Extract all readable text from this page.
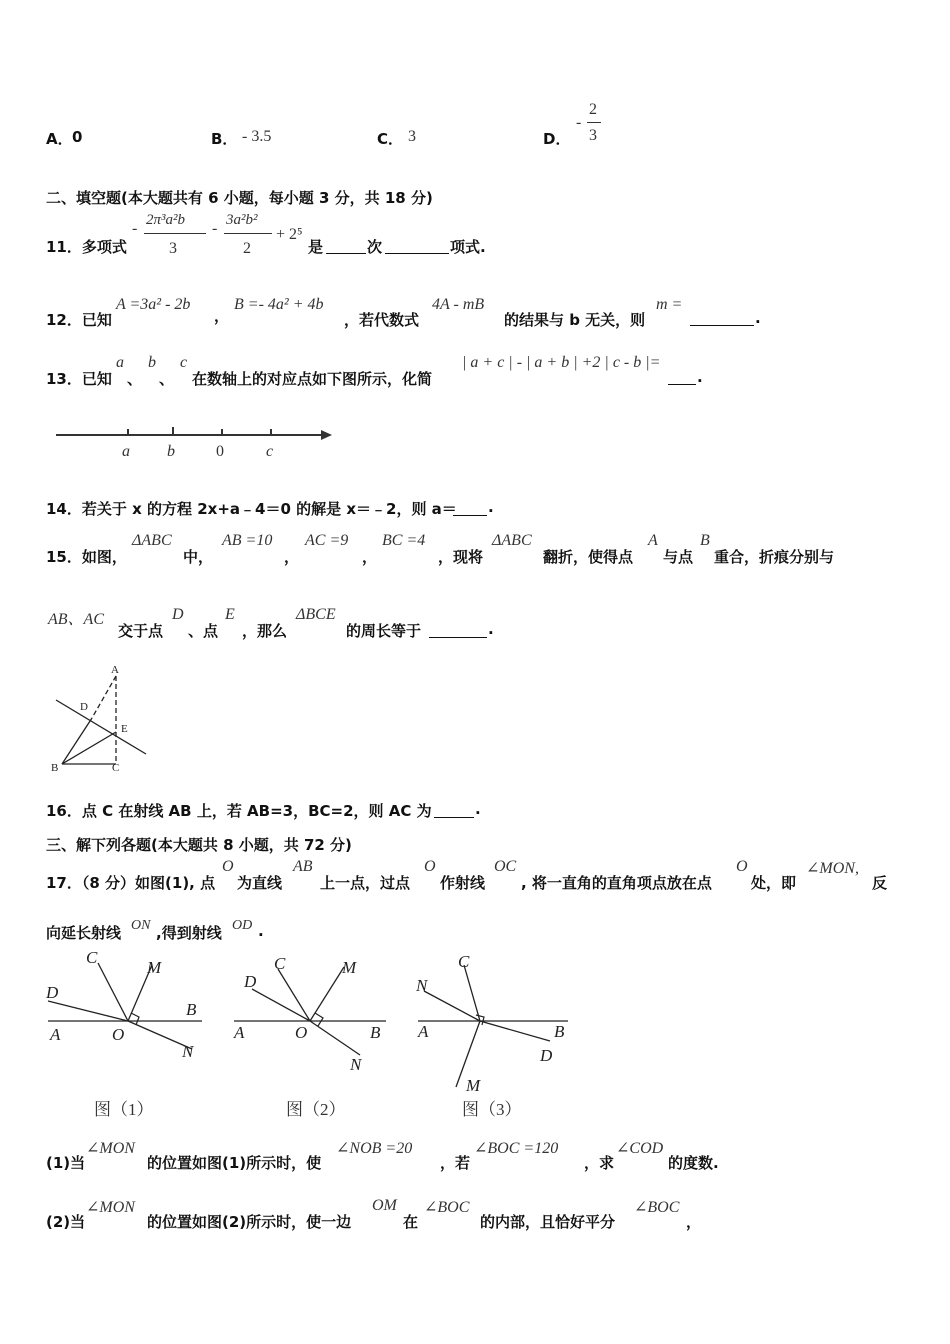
A． 0	B． - 3.5	C． 3	D．
-
2
3
二、填空题(本大题共有 6 小题，每小题 3 分，共 18 分)
11．多项式
- 2π³a²b
3
- 3a²b²
2
+ 2⁵
是	次	项式.
12．已知
A =3a² - 2b
，
B =- 4a² + 4b
，若代数式
4A - mB
的结果与 b 无关，则
m =
.
13．已知
a
、
b
、
c
在数轴上的对应点如下图所示，化简
| a + c | - | a + b | +2 | c - b |=
.
a b	0	c
14．若关于 x 的方程 2x+a﹣4＝0 的解是 x＝﹣2，则 a＝ .
15．如图，
ΔABC
中，
AB =10
，
AC =9
，
BC =4
，现将
ΔABC
翻折，使得点
A
与点
B
重合，折痕分别与
AB、AC
交于点
D
、点
E
，那么
ΔBCE
的周长等于	.
A
D
E
B	C
16．点 C 在射线 AB 上，若 AB=3，BC=2，则 AC 为	.
三、解下列各题(本大题共 8 小题，共 72 分)
17．（8 分）如图(1), 点
O
为直线
AB
上一点，过点
O
作射线
OC
, 将一直角的直角项点放在点
O
处，即
∠MON,
反
向延长射线 ON ,得到射线 OD .
C
M
D
B
A	O
N
图（1）
C	M
D
B
A	O
N
图（2）
C
N
A	B
D
M
图（3）
(1)当
∠MON
的位置如图(1)所示时，使
∠NOB =20
，若
∠BOC =120
，求
∠COD
的度数.
(2)当
∠MON
的位置如图(2)所示时，使一边
OM
在
∠BOC
的内部，且恰好平分
∠BOC
，
